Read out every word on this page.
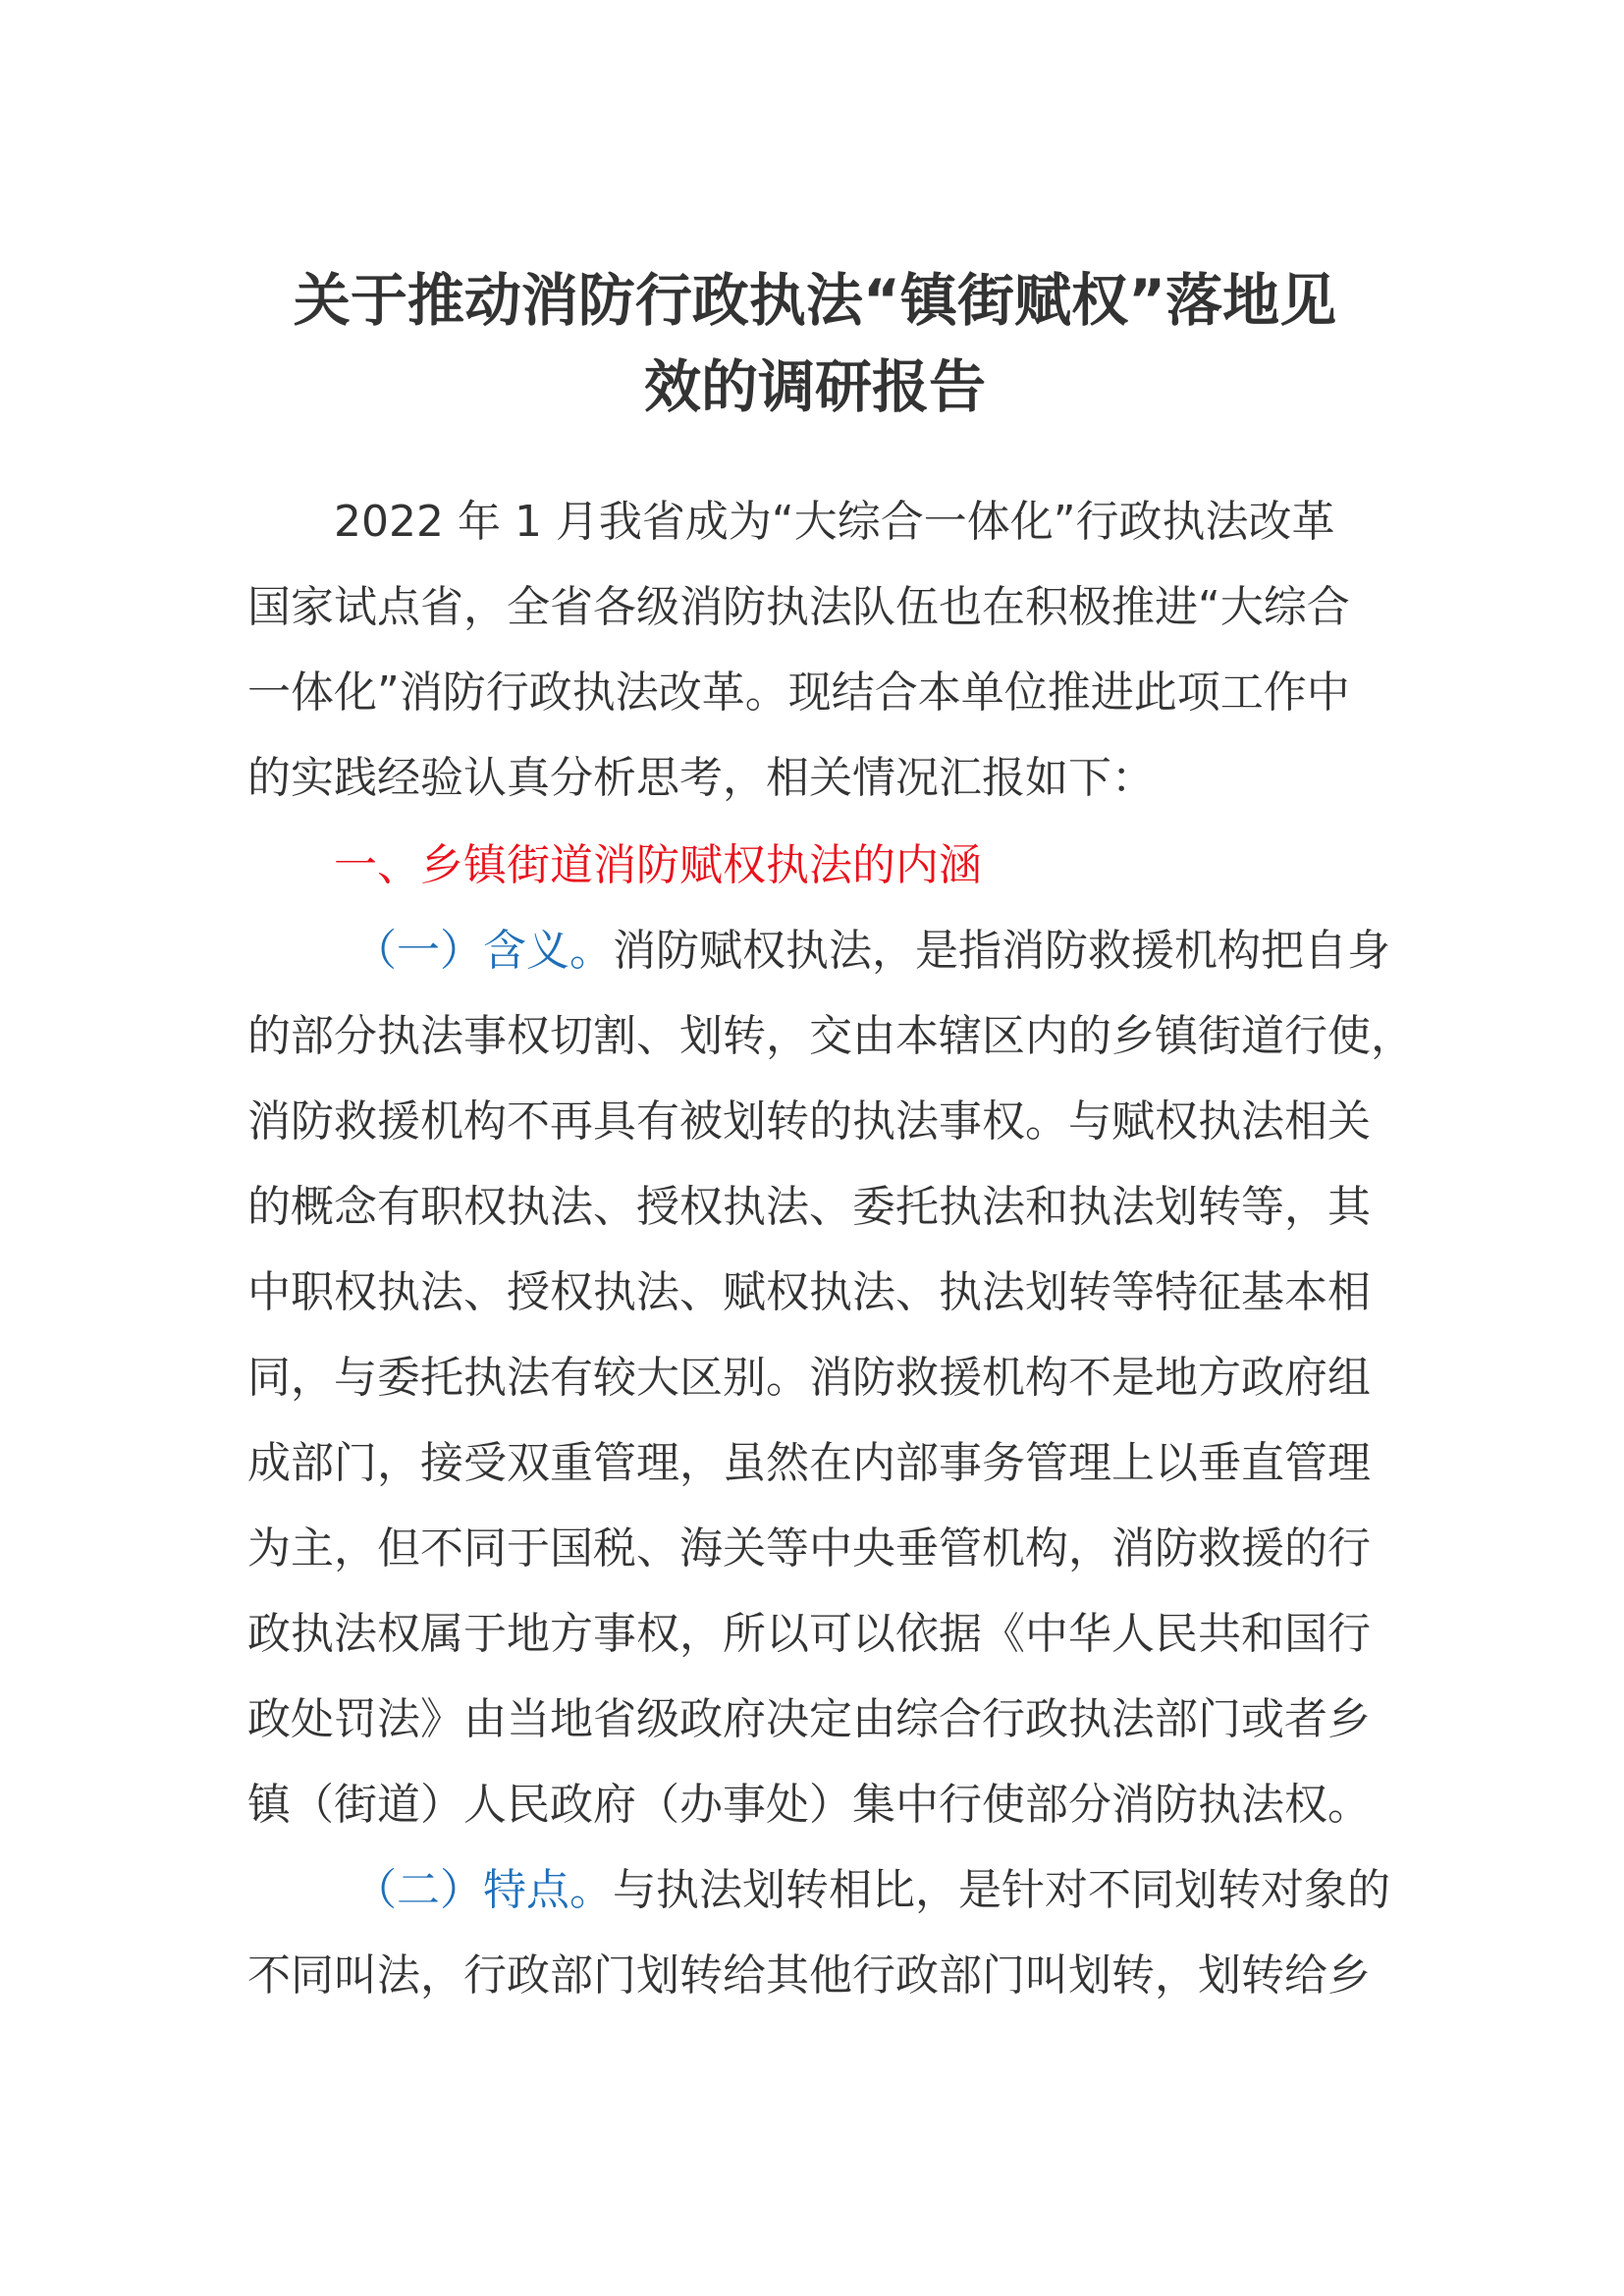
关于推动消防行政执法“镇街赋权”落地见
效的调研报告
2022 年 1 月我省成为“大综合一体化”行政执法改革
国家试点省，全省各级消防执法队伍也在积极推进“大综合
一体化”消防行政执法改革。现结合本单位推进此项工作中
的实践经验认真分析思考，相关情况汇报如下：
一、乡镇街道消防赋权执法的内涵
（一）含义。消防赋权执法，是指消防救援机构把自身
的部分执法事权切割、划转，交由本辖区内的乡镇街道行使，
消防救援机构不再具有被划转的执法事权。与赋权执法相关
的概念有职权执法、授权执法、委托执法和执法划转等，其
中职权执法、授权执法、赋权执法、执法划转等特征基本相
同，与委托执法有较大区别。消防救援机构不是地方政府组
成部门，接受双重管理，虽然在内部事务管理上以垂直管理
为主，但不同于国税、海关等中央垂管机构，消防救援的行
政执法权属于地方事权，所以可以依据《中华人民共和国行
政处罚法》由当地省级政府决定由综合行政执法部门或者乡
镇（街道）人民政府（办事处）集中行使部分消防执法权。
（二）特点。与执法划转相比，是针对不同划转对象的
不同叫法，行政部门划转给其他行政部门叫划转，划转给乡
